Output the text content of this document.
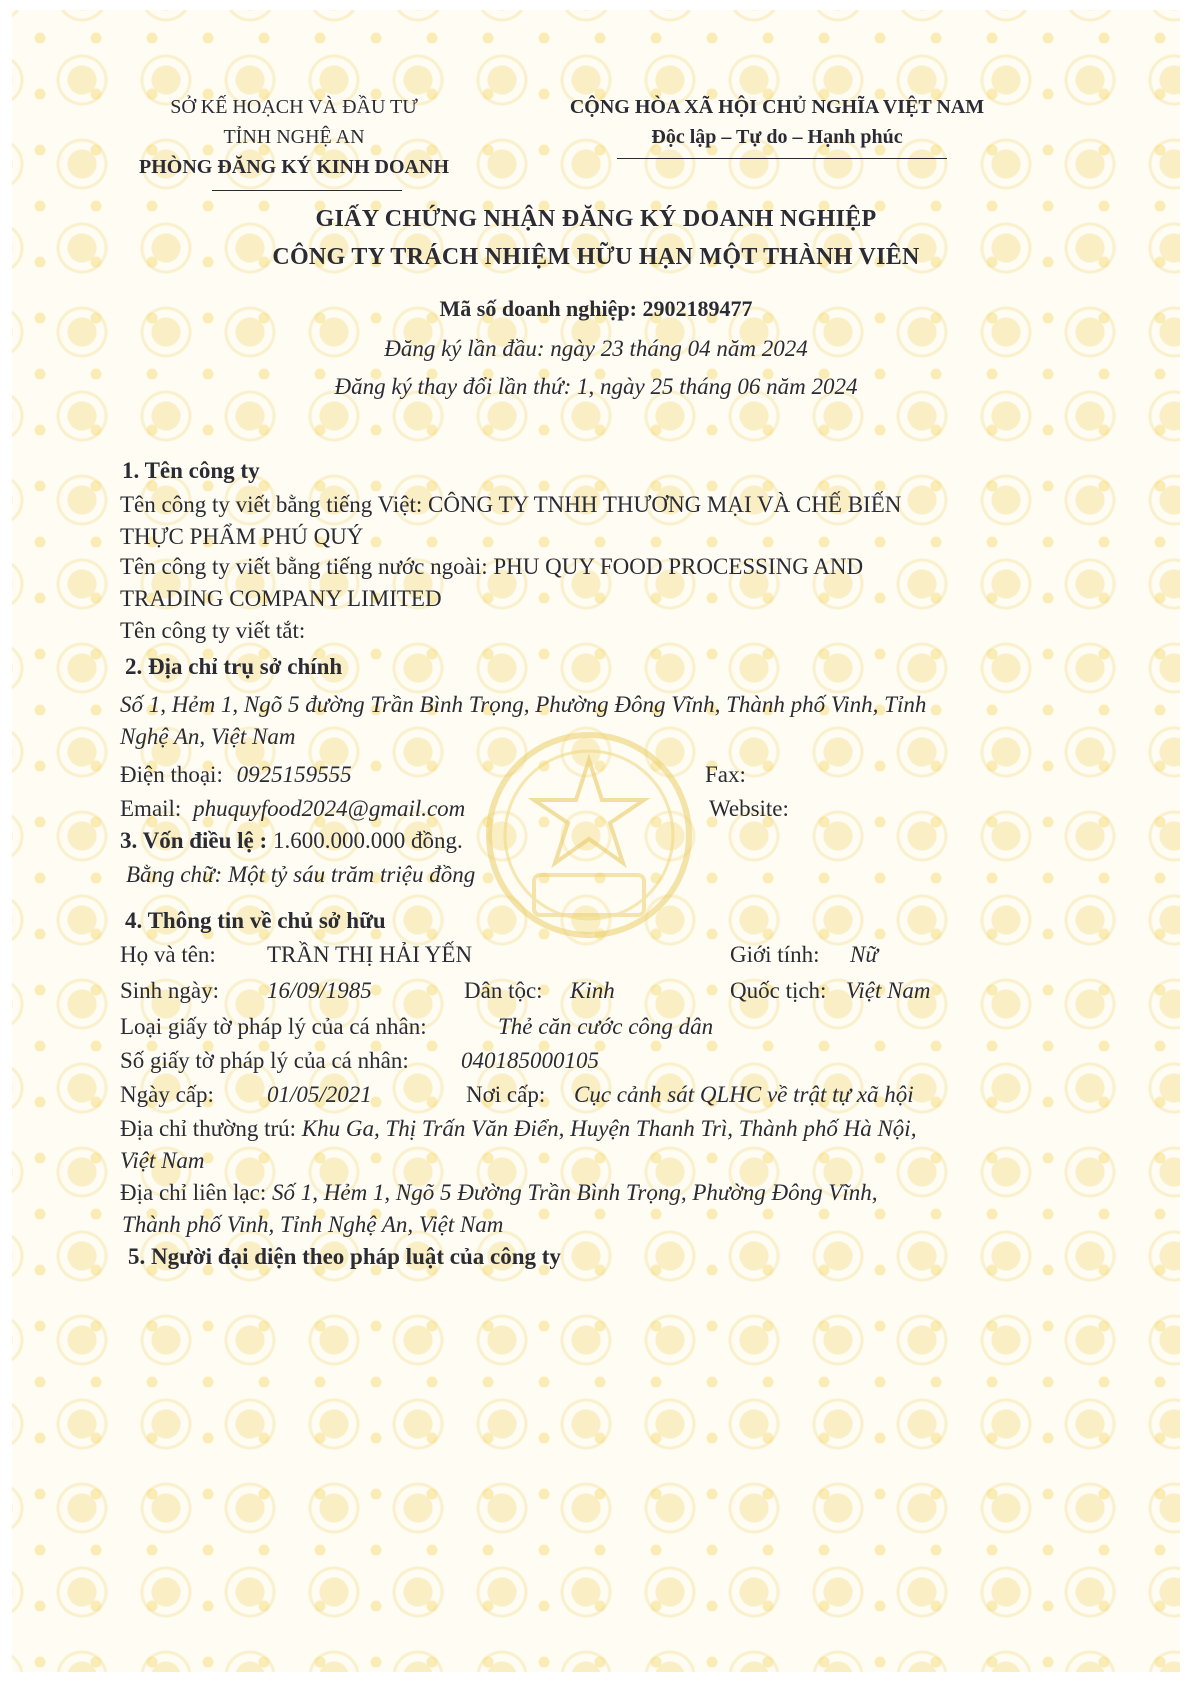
SỞ KẾ HOẠCH VÀ ĐẦU TƯ
TỈNH NGHỆ AN
PHÒNG ĐĂNG KÝ KINH DOANH
CỘNG HÒA XÃ HỘI CHỦ NGHĨA VIỆT NAM
Độc lập – Tự do – Hạnh phúc
GIẤY CHỨNG NHẬN ĐĂNG KÝ DOANH NGHIỆP
CÔNG TY TRÁCH NHIỆM HỮU HẠN MỘT THÀNH VIÊN
Mã số doanh nghiệp: 2902189477
Đăng ký lần đầu: ngày 23 tháng 04 năm 2024
Đăng ký thay đổi lần thứ: 1, ngày 25 tháng 06 năm 2024
1. Tên công ty
Tên công ty viết bằng tiếng Việt: CÔNG TY TNHH THƯƠNG MẠI VÀ CHẾ BIẾN
THỰC PHẨM PHÚ QUÝ
Tên công ty viết bằng tiếng nước ngoài: PHU QUY FOOD PROCESSING AND
TRADING COMPANY LIMITED
Tên công ty viết tắt:
2. Địa chỉ trụ sở chính
Số 1, Hẻm 1, Ngõ 5 đường Trần Bình Trọng, Phường Đông Vĩnh, Thành phố Vinh, Tỉnh
Nghệ An, Việt Nam
Điện thoại: 0925159555	Fax:
Email: phuquyfood2024@gmail.com	Website:
3. Vốn điều lệ : 1.600.000.000 đồng.
Bằng chữ: Một tỷ sáu trăm triệu đồng
4. Thông tin về chủ sở hữu
Họ và tên: TRẦN THỊ HẢI YẾN	Giới tính: Nữ
Sinh ngày: 16/09/1985	Dân tộc: Kinh	Quốc tịch: Việt Nam
Loại giấy tờ pháp lý của cá nhân:	Thẻ căn cước công dân
Số giấy tờ pháp lý của cá nhân: 040185000105
Ngày cấp: 01/05/2021	Nơi cấp: Cục cảnh sát QLHC về trật tự xã hội
Địa chỉ thường trú: Khu Ga, Thị Trấn Văn Điển, Huyện Thanh Trì, Thành phố Hà Nội,
Việt Nam
Địa chỉ liên lạc: Số 1, Hẻm 1, Ngõ 5 Đường Trần Bình Trọng, Phường Đông Vĩnh,
Thành phố Vinh, Tỉnh Nghệ An, Việt Nam
5. Người đại diện theo pháp luật của công ty
